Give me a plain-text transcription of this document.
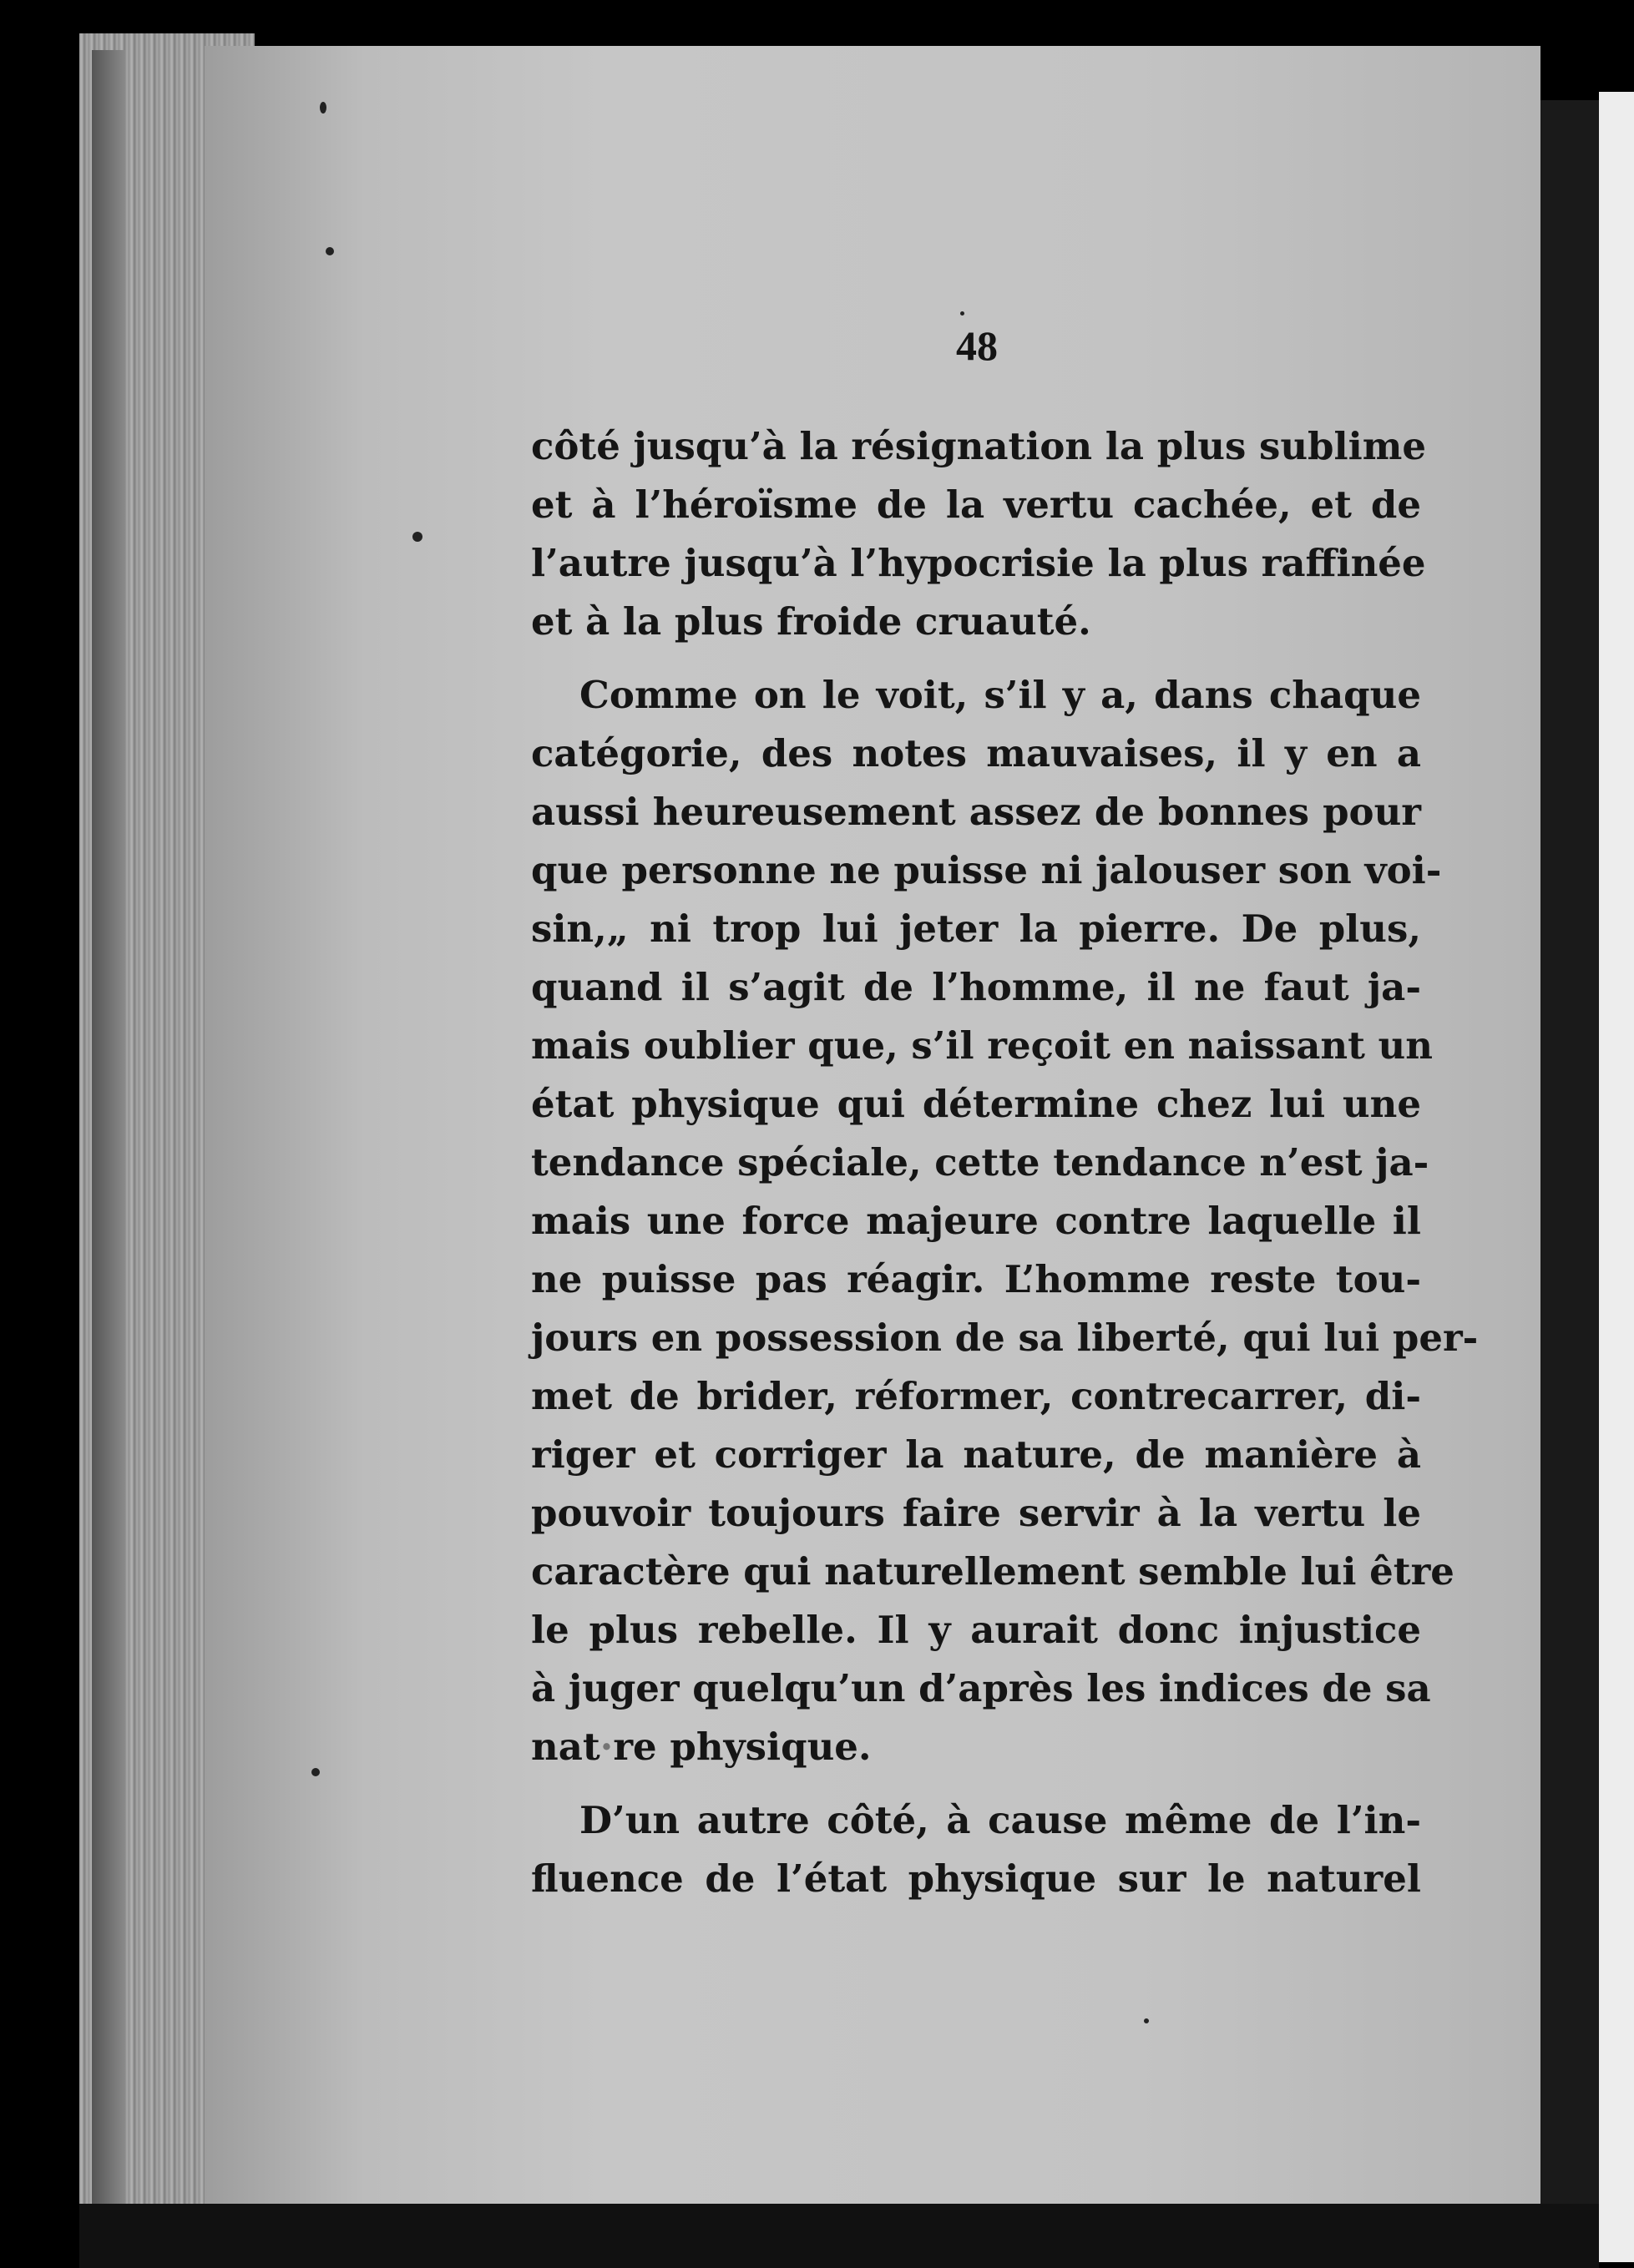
48
côté jusqu’à la résignation la plus sublime
et à l’héroïsme de la vertu cachée, et de
l’autre jusqu’à l’hypocrisie la plus raffinée
et à la plus froide cruauté.
Comme on le voit, s’il y a, dans chaque
catégorie, des notes mauvaises, il y en a
aussi heureusement assez de bonnes pour
que personne ne puisse ni jalouser son voi-
sin,„ ni trop lui jeter la pierre. De plus,
quand il s’agit de l’homme, il ne faut ja-
mais oublier que, s’il reçoit en naissant un
état physique qui détermine chez lui une
tendance spéciale, cette tendance n’est ja-
mais une force majeure contre laquelle il
ne puisse pas réagir. L’homme reste tou-
jours en possession de sa liberté, qui lui per-
met de brider, réformer, contrecarrer, di-
riger et corriger la nature, de manière à
pouvoir toujours faire servir à la vertu le
caractère qui naturellement semble lui être
le plus rebelle. Il y aurait donc injustice
à juger quelqu’un d’après les indices de sa
nat·re physique.
D’un autre côté, à cause même de l’in-
fluence de l’état physique sur le naturel
